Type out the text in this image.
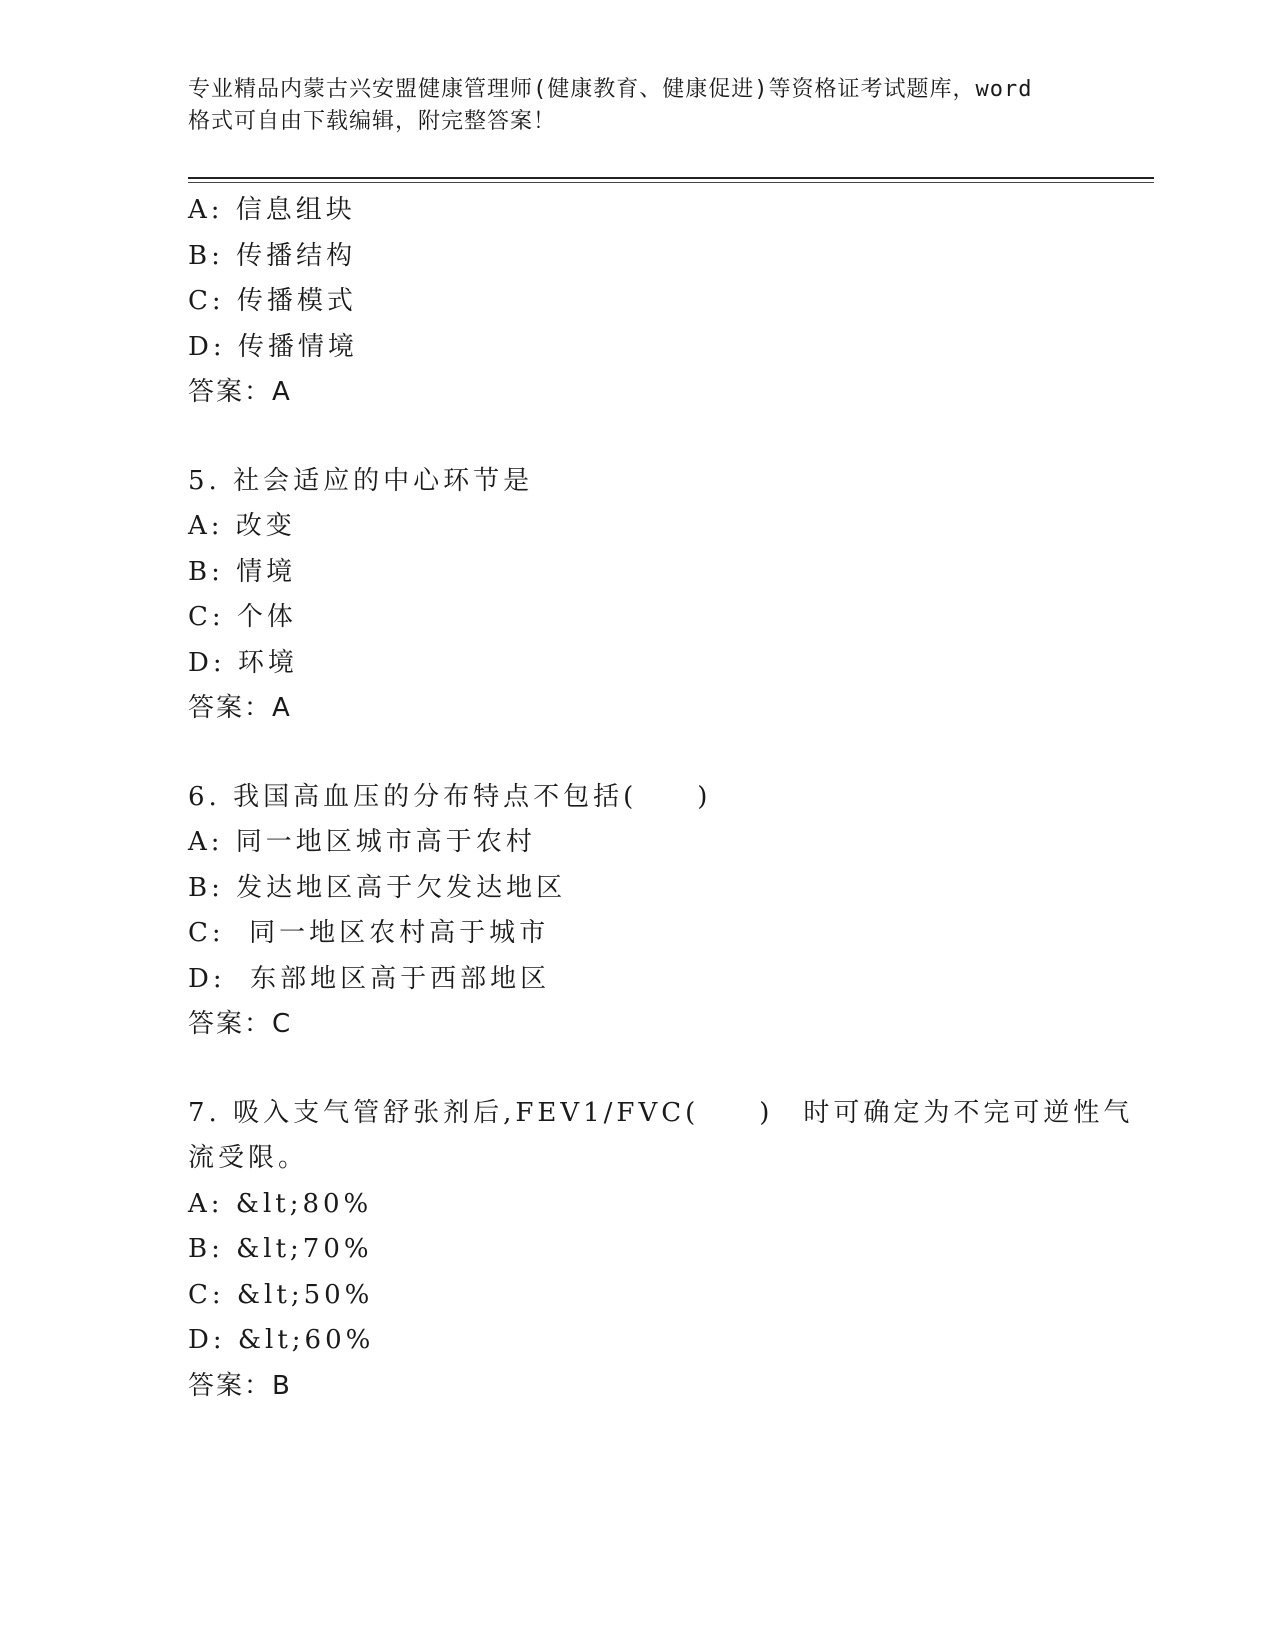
专业精品内蒙古兴安盟健康管理师(健康教育、健康促进)等资格证考试题库，word
格式可自由下载编辑，附完整答案！
A: 信息组块
B: 传播结构
C: 传播模式
D: 传播情境
答案：A
5. 社会适应的中心环节是
A: 改变
B: 情境
C: 个体
D: 环境
答案：A
6. 我国高血压的分布特点不包括(　　)
A: 同一地区城市高于农村
B: 发达地区高于欠发达地区
C:  同一地区农村高于城市
D:  东部地区高于西部地区
答案：C
7. 吸入支气管舒张剂后,FEV1/FVC(　　)　时可确定为不完可逆性气
流受限。
A: &lt;80%
B: &lt;70%
C: &lt;50%
D: &lt;60%
答案：B
